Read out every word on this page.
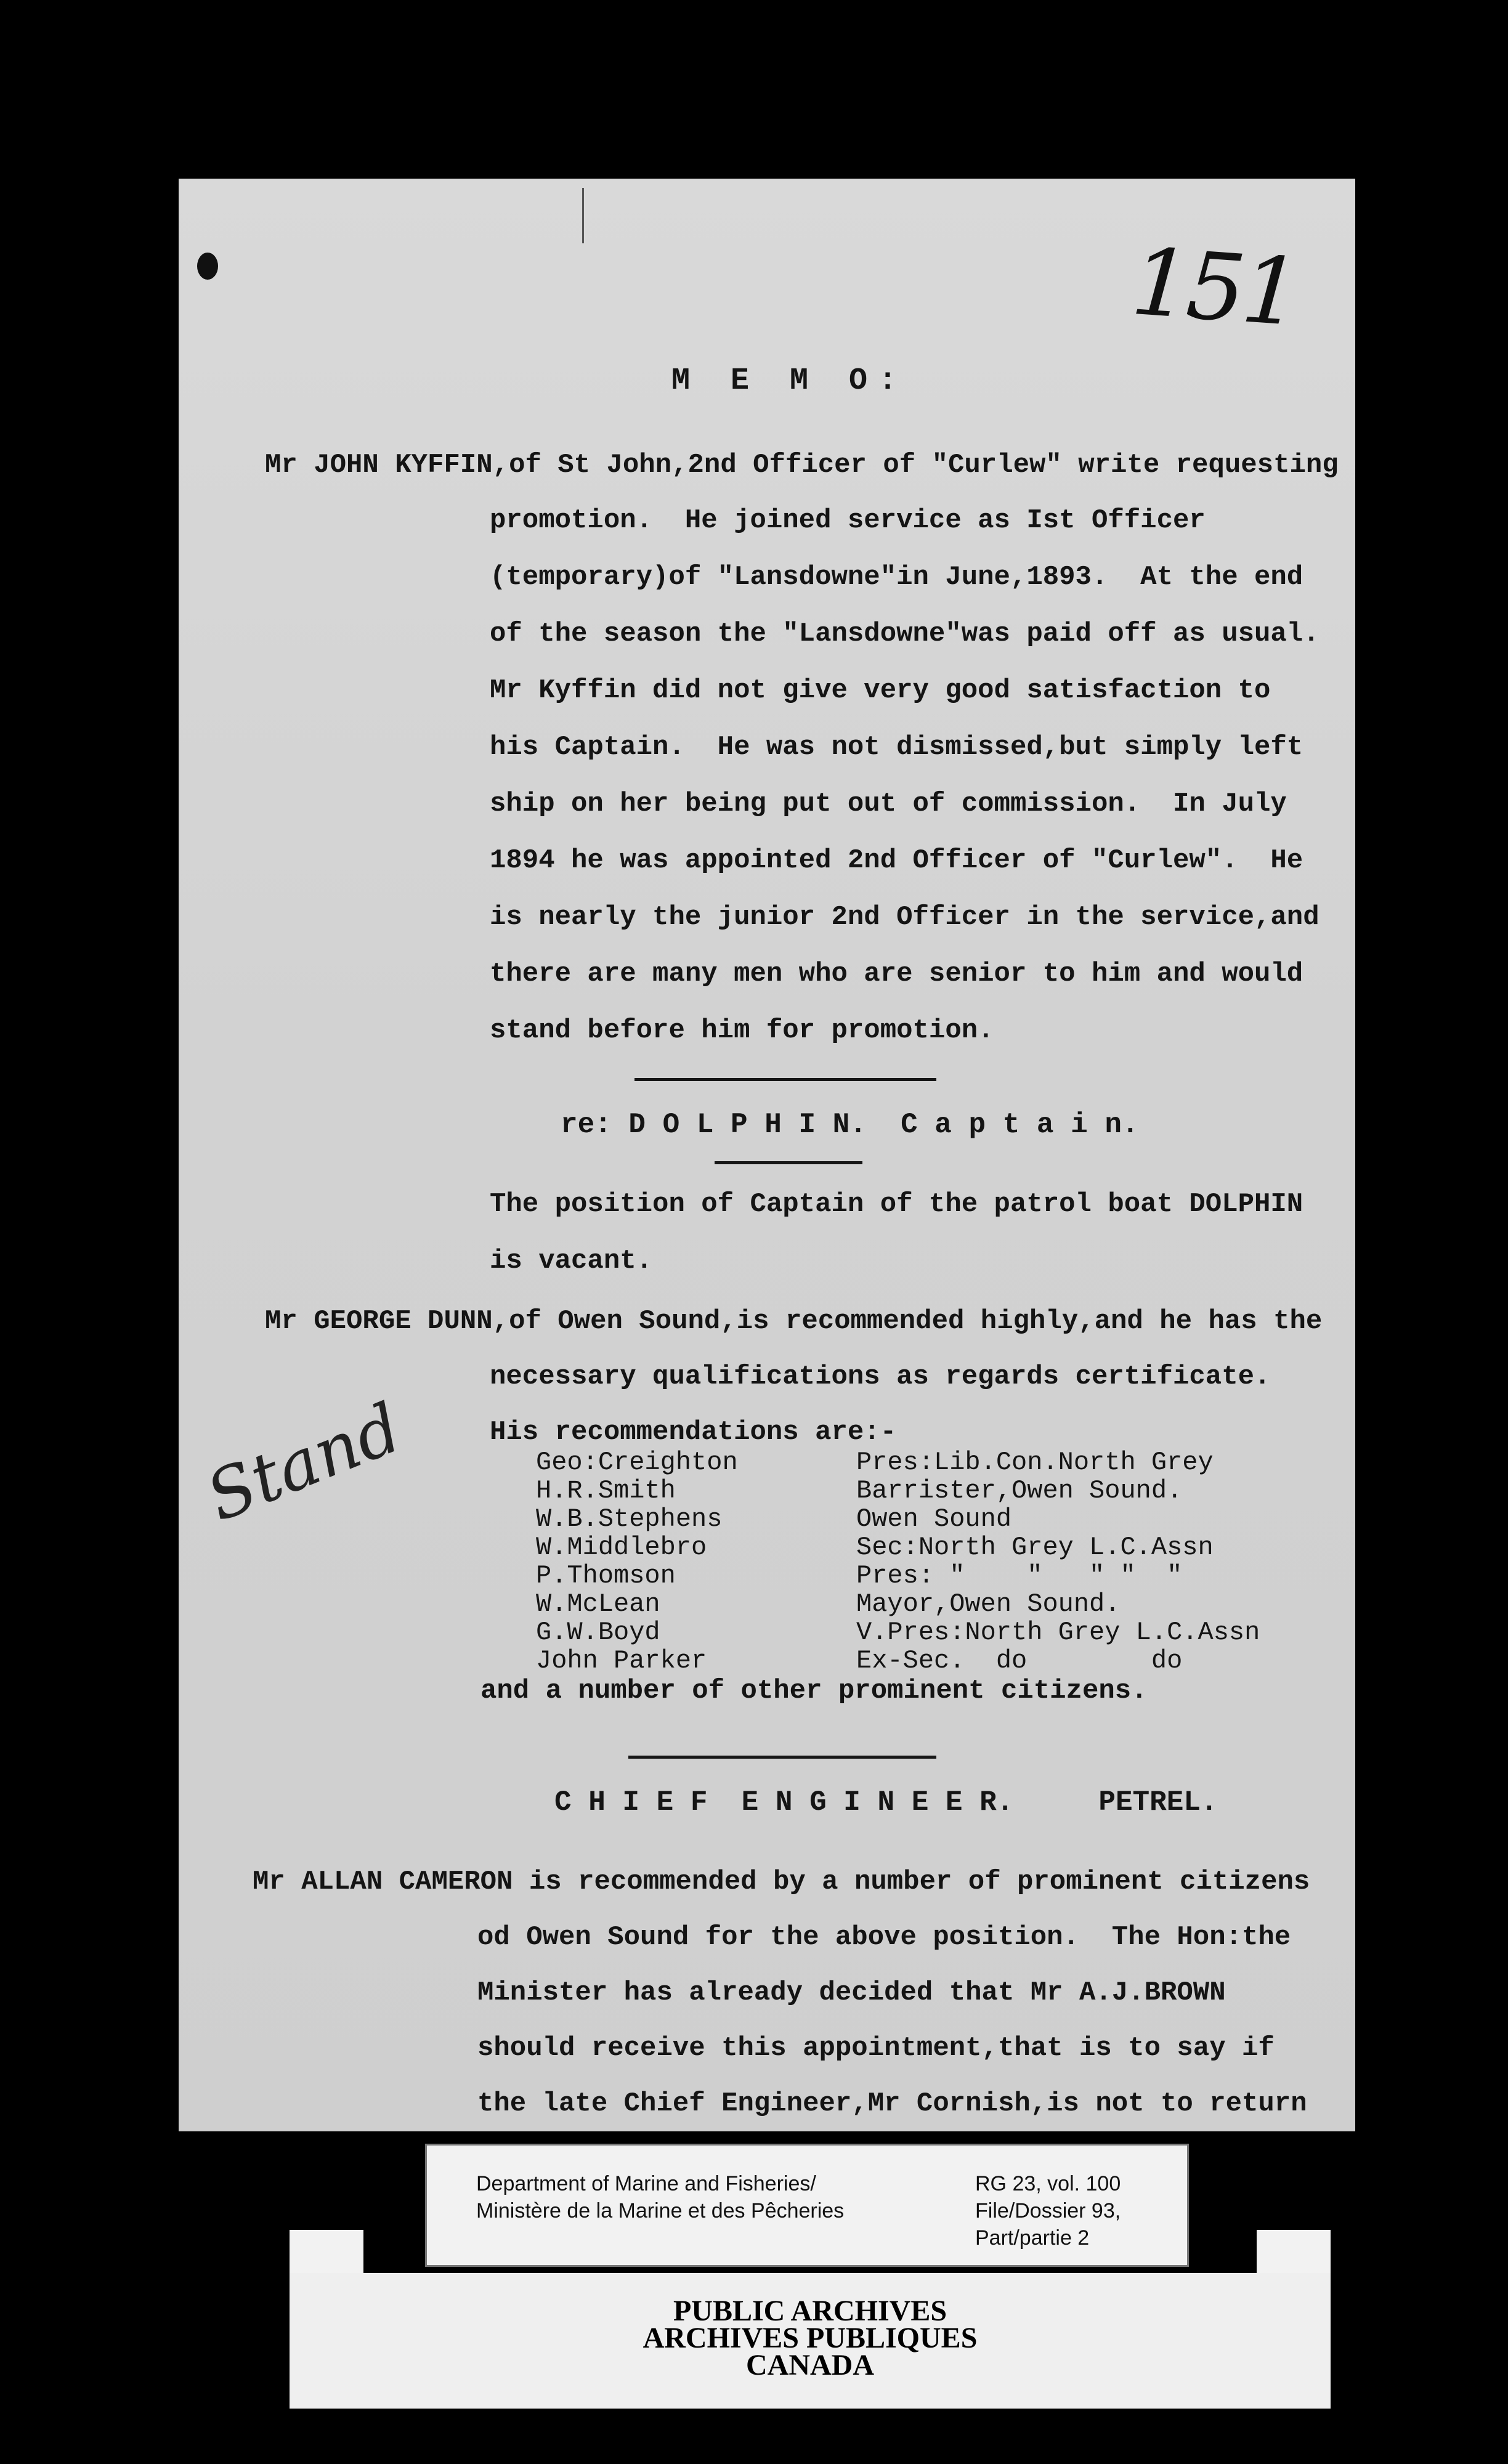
151
M E M O:
Mr JOHN KYFFIN,of St John,2nd Officer of "Curlew" write requesting
promotion.  He joined service as Ist Officer
(temporary)of "Lansdowne"in June,1893.  At the end
of the season the "Lansdowne"was paid off as usual.
Mr Kyffin did not give very good satisfaction to
his Captain.  He was not dismissed,but simply left
ship on her being put out of commission.  In July
1894 he was appointed 2nd Officer of "Curlew".  He
is nearly the junior 2nd Officer in the service,and
there are many men who are senior to him and would
stand before him for promotion.
re: D O L P H I N.  C a p t a i n.
The position of Captain of the patrol boat DOLPHIN
is vacant.
Mr GEORGE DUNN,of Owen Sound,is recommended highly,and he has the
necessary qualifications as regards certificate.
His recommendations are:-
Geo:Creighton	Pres:Lib.Con.North Grey
H.R.Smith	Barrister,Owen Sound.
W.B.Stephens	Owen Sound
W.Middlebro	Sec:North Grey L.C.Assn
P.Thomson	Pres: "    "   " "  "
W.McLean	Mayor,Owen Sound.
G.W.Boyd	V.Pres:North Grey L.C.Assn
John Parker	Ex-Sec.  do        do
and a number of other prominent citizens.
Stand
C H I E F  E N G I N E E R.     PETREL.
Mr ALLAN CAMERON is recommended by a number of prominent citizens
od Owen Sound for the above position.  The Hon:the
Minister has already decided that Mr A.J.BROWN
should receive this appointment,that is to say if
the late Chief Engineer,Mr Cornish,is not to return
Department of Marine and Fisheries/
Ministère de la Marine et des Pêcheries
RG 23, vol. 100
File/Dossier 93,
Part/partie 2
PUBLIC ARCHIVES
ARCHIVES PUBLIQUES
CANADA
